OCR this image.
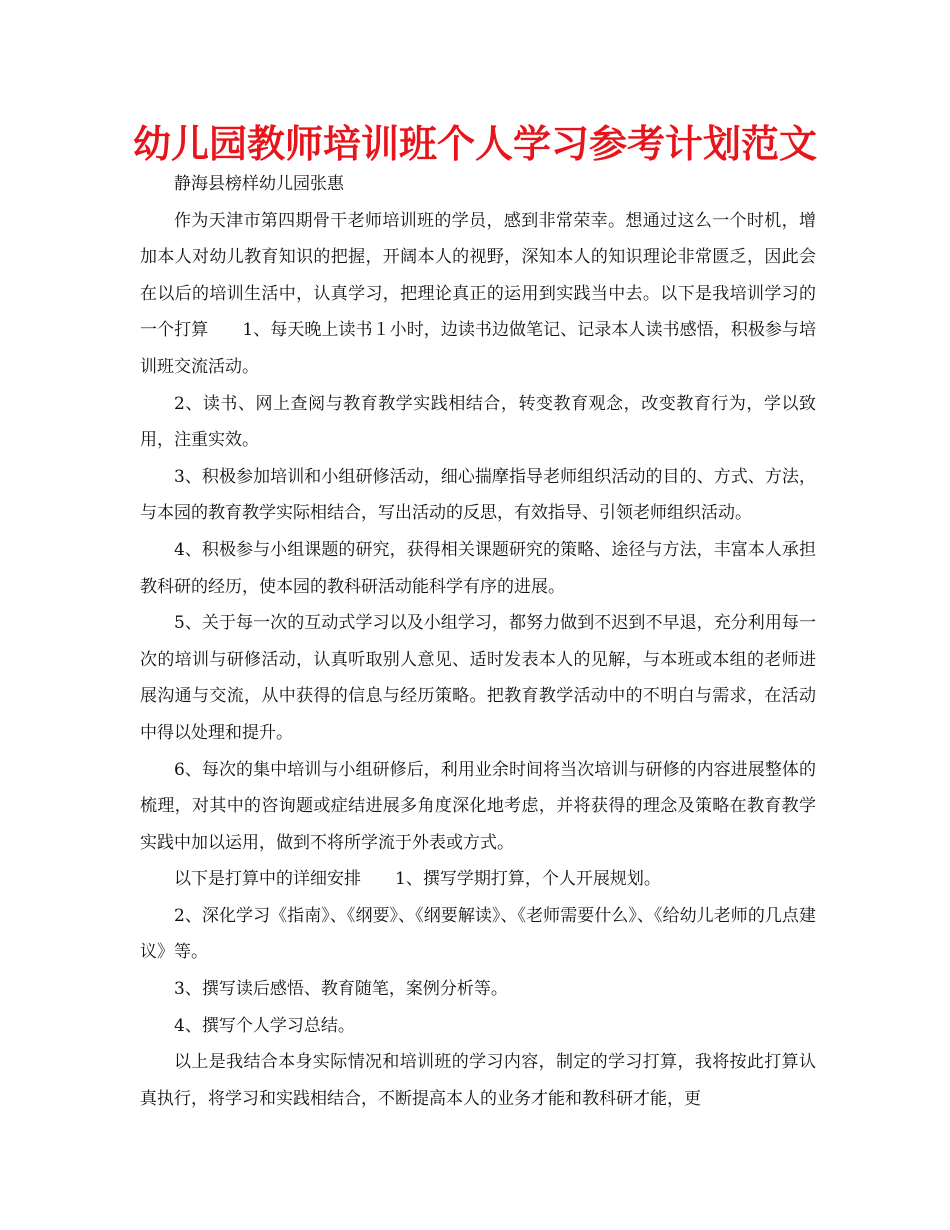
幼儿园教师培训班个人学习参考计划范文

静海县榜样幼儿园张惠

作为天津市第四期骨干老师培训班的学员，感到非常荣幸。想通过这么一个时机，增加本人对幼儿教育知识的把握，开阔本人的视野，深知本人的知识理论非常匮乏，因此会在以后的培训生活中，认真学习，把理论真正的运用到实践当中去。以下是我培训学习的一个打算　　1、每天晚上读书１小时，边读书边做笔记、记录本人读书感悟，积极参与培训班交流活动。

2、读书、网上查阅与教育教学实践相结合，转变教育观念，改变教育行为，学以致用，注重实效。

3、积极参加培训和小组研修活动，细心揣摩指导老师组织活动的目的、方式、方法，与本园的教育教学实际相结合，写出活动的反思，有效指导、引领老师组织活动。

4、积极参与小组课题的研究，获得相关课题研究的策略、途径与方法，丰富本人承担教科研的经历，使本园的教科研活动能科学有序的进展。

5、关于每一次的互动式学习以及小组学习，都努力做到不迟到不早退，充分利用每一次的培训与研修活动，认真听取别人意见、适时发表本人的见解，与本班或本组的老师进展沟通与交流，从中获得的信息与经历策略。把教育教学活动中的不明白与需求，在活动中得以处理和提升。

6、每次的集中培训与小组研修后，利用业余时间将当次培训与研修的内容进展整体的梳理，对其中的咨询题或症结进展多角度深化地考虑，并将获得的理念及策略在教育教学实践中加以运用，做到不将所学流于外表或方式。

以下是打算中的详细安排　　1、撰写学期打算，个人开展规划。

2、深化学习《指南》、《纲要》、《纲要解读》、《老师需要什么》、《给幼儿老师的几点建议》等。

3、撰写读后感悟、教育随笔，案例分析等。

4、撰写个人学习总结。

以上是我结合本身实际情况和培训班的学习内容，制定的学习打算，我将按此打算认真执行，将学习和实践相结合，不断提高本人的业务才能和教科研才能，更
